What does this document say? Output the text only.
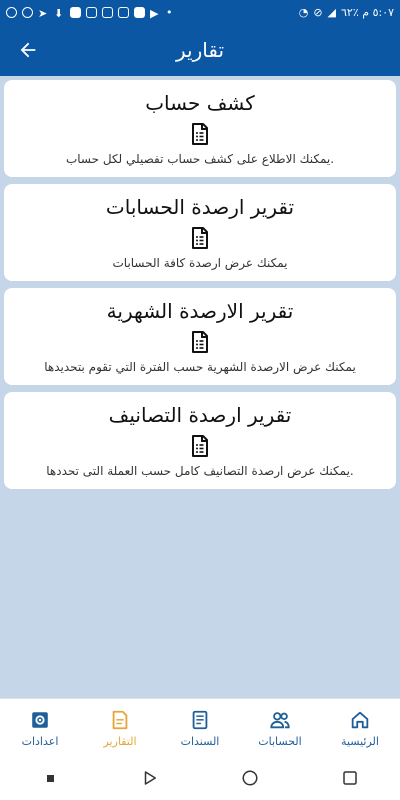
➤ ⬇	▶ •	◔ ⊘ ◢ ٥:٠٧ م ٪٦٢
تقارير
كشف حساب
.يمكنك الاطلاع على كشف حساب تفصيلي لكل حساب
تقرير ارصدة الحسابات
يمكنك عرض ارصدة كافة الحسابات
تقرير الارصدة الشهرية
يمكنك عرض الارصدة الشهرية حسب الفترة التي تقوم بتحديدها
تقرير ارصدة التصانيف
.يمكنك عرض ارصدة التصانيف كامل حسب العملة التى تحددها
الرئيسية
الحسابات
السندات
التقارير
اعدادات
